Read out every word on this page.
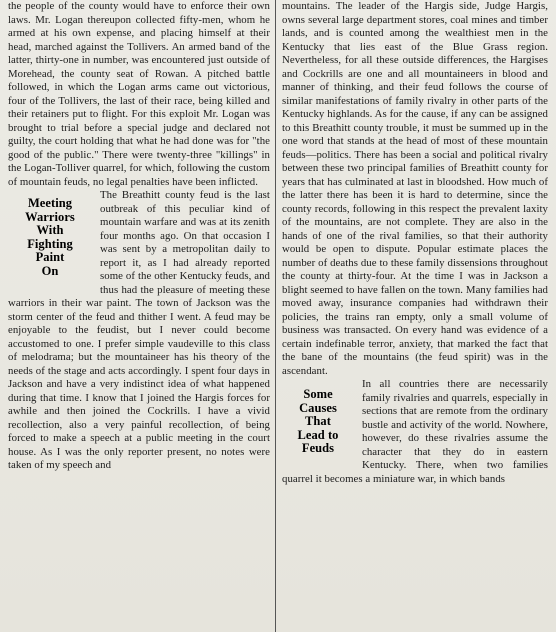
the people of the county would have to enforce their own laws. Mr. Logan thereupon collected fifty-men, whom he armed at his own expense, and placing himself at their head, marched against the Tollivers. An armed band of the latter, thirty-one in number, was encountered just outside of Morehead, the county seat of Rowan. A pitched battle followed, in which the Logan arms came out victorious, four of the Tollivers, the last of their race, being killed and their retainers put to flight. For this exploit Mr. Logan was brought to trial before a special judge and declared not guilty, the court holding that what he had done was for "the good of the public." There were twenty-three "killings" in the Logan-Tolliver quarrel, for which, following the custom of mountain feuds, no legal penalties have been inflicted.

Meeting
Warriors
With
Fighting
Paint
On

The Breathitt county feud is the last outbreak of this peculiar kind of mountain warfare and was at its zenith four months ago. On that occasion I was sent by a metropolitan daily to report it, as I had already reported some of the other Kentucky feuds, and thus had the pleasure of meeting these warriors in their war paint. The town of Jackson was the storm center of the feud and thither I went. A feud may be enjoyable to the feudist, but I never could become accustomed to one. I prefer simple vaudeville to this class of melodrama; but the mountaineer has his theory of the needs of the stage and acts accordingly. I spent four days in Jackson and have a very indistinct idea of what happened during that time. I know that I joined the Hargis forces for awhile and then joined the Cockrills. I have a vivid recollection, also a very painful recollection, of being forced to make a speech at a public meeting in the court house. As I was the only reporter present, no notes were taken of my speech and

mountains. The leader of the Hargis side, Judge Hargis, owns several large department stores, coal mines and timber lands, and is counted among the wealthiest men in the Kentucky that lies east of the Blue Grass region. Nevertheless, for all these outside differences, the Hargises and Cockrills are one and all mountaineers in blood and manner of thinking, and their feud follows the course of similar manifestations of family rivalry in other parts of the Kentucky highlands. As for the cause, if any can be assigned to this Breathitt county trouble, it must be summed up in the one word that stands at the head of most of these mountain feuds—politics. There has been a social and political rivalry between these two principal families of Breathitt county for years that has culminated at last in bloodshed. How much of the latter there has been it is hard to determine, since the county records, following in this respect the prevalent laxity of the mountains, are not complete. They are also in the hands of one of the rival families, so that their authority would be open to dispute. Popular estimate places the number of deaths due to these family dissensions throughout the county at thirty-four. At the time I was in Jackson a blight seemed to have fallen on the town. Many families had moved away, insurance companies had withdrawn their policies, the trains ran empty, only a small volume of business was transacted. On every hand was evidence of a certain indefinable terror, anxiety, that marked the fact that the bane of the mountains (the feud spirit) was in the ascendant.

Some
Causes
That
Lead to
Feuds

In all countries there are necessarily family rivalries and quarrels, especially in sections that are remote from the ordinary bustle and activity of the world. Nowhere, however, do these rivalries assume the character that they do in eastern Kentucky. There, when two families quarrel it becomes a miniature war, in which bands
